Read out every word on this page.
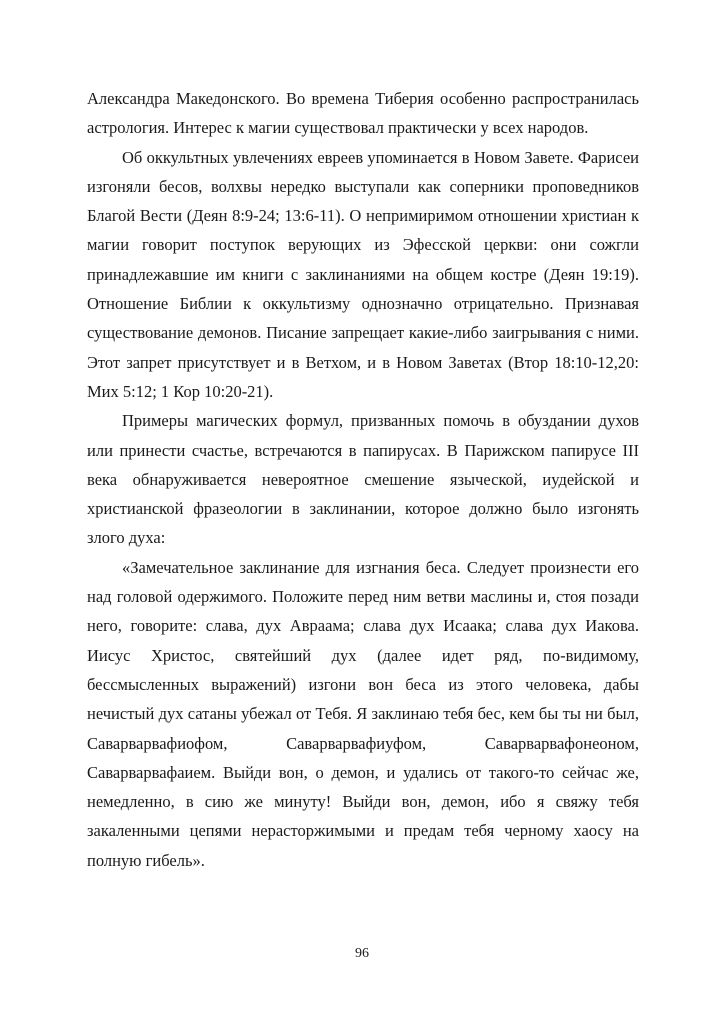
Александра Македонского. Во времена Тиберия особенно распространилась астрология. Интерес к магии существовал практически у всех народов.

Об оккультных увлечениях евреев упоминается в Новом Завете. Фарисеи изгоняли бесов, волхвы нередко выступали как соперники проповедников Благой Вести (Деян 8:9-24; 13:6-11). О непримиримом отношении христиан к магии говорит поступок верующих из Эфесской церкви: они сожгли принадлежавшие им книги с заклинаниями на общем костре (Деян 19:19). Отношение Библии к оккультизму однозначно отрицательно. Признавая существование демонов. Писание запрещает какие-либо заигрывания с ними. Этот запрет присутствует и в Ветхом, и в Новом Заветах (Втор 18:10-12,20: Мих 5:12; 1 Кор 10:20-21).

Примеры магических формул, призванных помочь в обуздании духов или принести счастье, встречаются в папирусах. В Парижском папирусе III века обнаруживается невероятное смешение языческой, иудейской и христианской фразеологии в заклинании, которое должно было изгонять злого духа:

«Замечательное заклинание для изгнания беса. Следует произнести его над головой одержимого. Положите перед ним ветви маслины и, стоя позади него, говорите: слава, дух Авраама; слава дух Исаака; слава дух Иакова. Иисус Христос, святейший дух (далее идет ряд, по-видимому, бессмысленных выражений) изгони вон беса из этого человека, дабы нечистый дух сатаны убежал от Тебя. Я заклинаю тебя бес, кем бы ты ни был, Саварварвафиофом, Саварварвафиуфом, Саварварвафонеоном, Саварварвафаием. Выйди вон, о демон, и удались от такого-то сейчас же, немедленно, в сию же минуту! Выйди вон, демон, ибо я свяжу тебя закаленными цепями нерасторжимыми и предам тебя черному хаосу на полную гибель».

96
